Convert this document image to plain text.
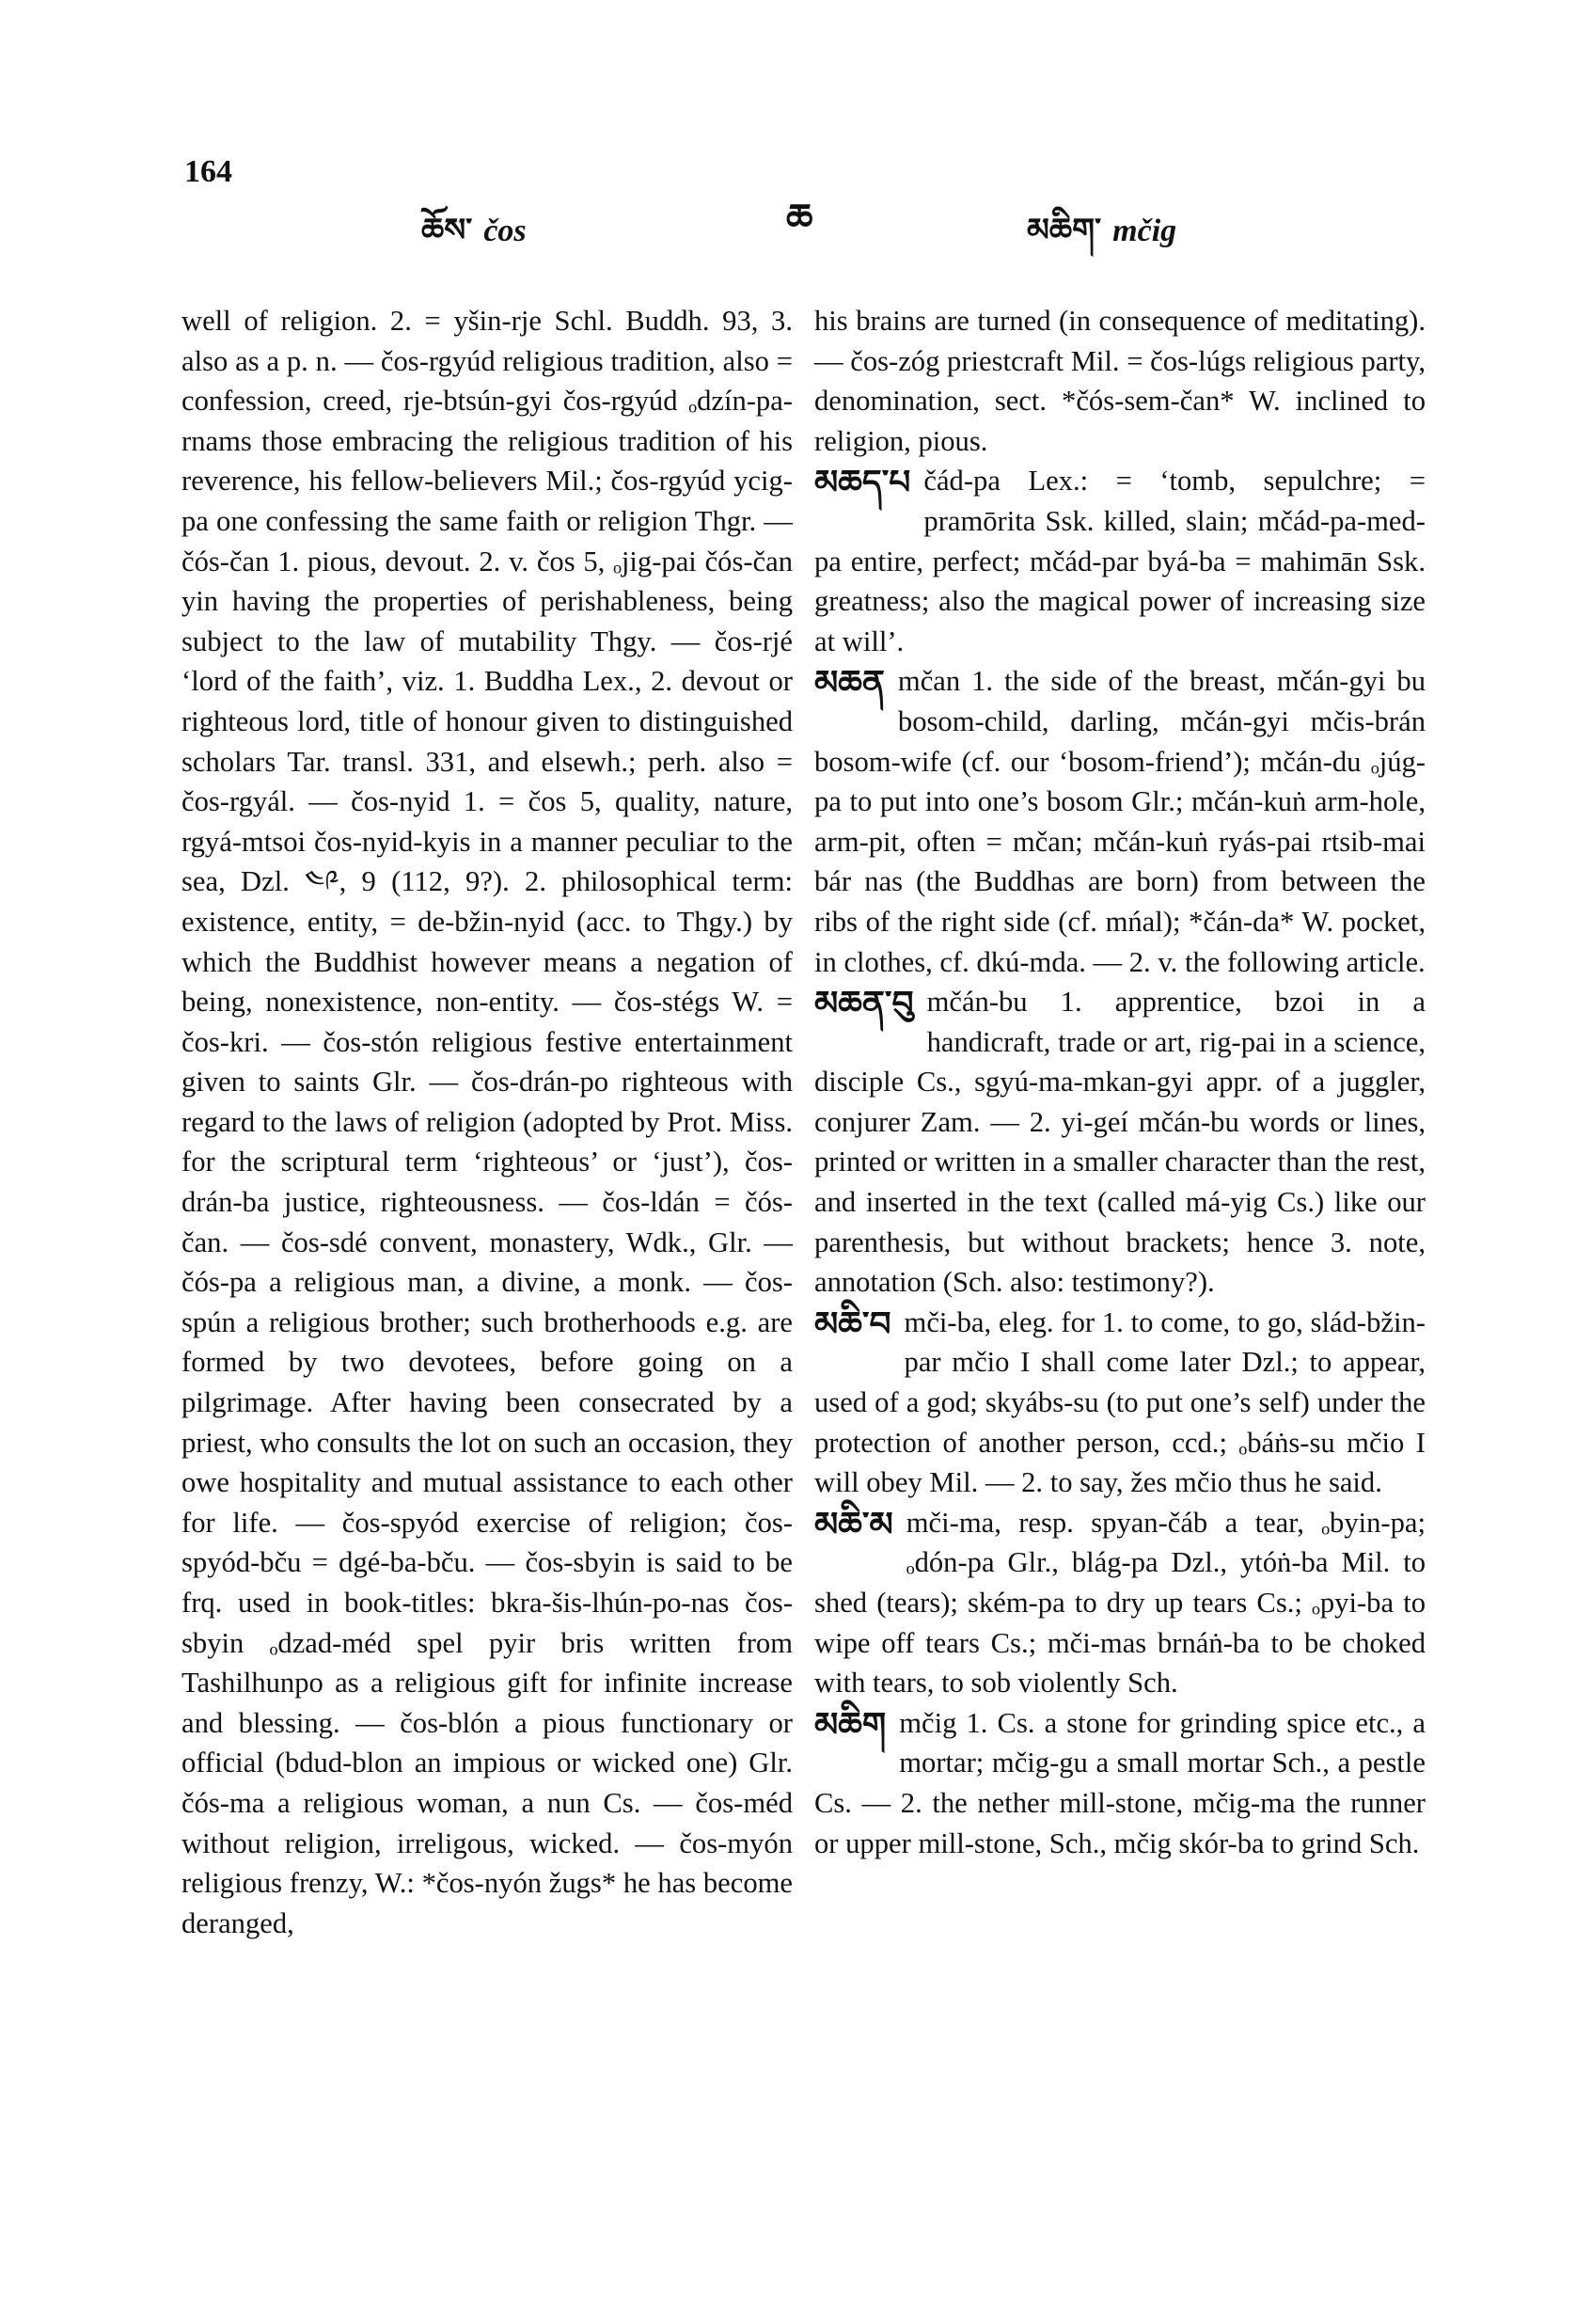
164
ཆོས་ čos	ཆ	མཆིག་ mčig

well of religion. 2. = yšin-rje Schl. Buddh. 93, 3. also as a p. n. — čos-rgyúd religious tradition, also = confession, creed, rje-btsún-gyi čos-rgyúd ₒdzín-pa-rnams those embracing the religious tradition of his reverence, his fellow-believers Mil.; čos-rgyúd ycig-pa one confessing the same faith or religion Thgr. — čós-čan 1. pious, devout. 2. v. čos 5, ₒjig-pai čós-čan yin having the properties of perishableness, being subject to the law of mutability Thgy. — čos-rjé ‘lord of the faith’, viz. 1. Buddha Lex., 2. devout or righteous lord, title of honour given to distinguished scholars Tar. transl. 331, and elsewh.; perh. also = čos-rgyál. — čos-nyid 1. = čos 5, quality, nature, rgyá-mtsoi čos-nyid-kyis in a manner peculiar to the sea, Dzl. ༤༩, 9 (112, 9?). 2. philosophical term: existence, entity, = de-bžin-nyid (acc. to Thgy.) by which the Buddhist however means a negation of being, nonexistence, non-entity. — čos-stégs W. = čos-kri. — čos-stón religious festive entertainment given to saints Glr. — čos-drán-po righteous with regard to the laws of religion (adopted by Prot. Miss. for the scriptural term ‘righteous’ or ‘just’), čos-drán-ba justice, righteousness. — čos-ldán = čós-čan. — čos-sdé convent, monastery, Wdk., Glr. — čós-pa a religious man, a divine, a monk. — čos-spún a religious brother; such brotherhoods e.g. are formed by two devotees, before going on a pilgrimage. After having been consecrated by a priest, who consults the lot on such an occasion, they owe hospitality and mutual assistance to each other for life. — čos-spyód exercise of religion; čos-spyód-bču = dgé-ba-bču. — čos-sbyin is said to be frq. used in book-titles: bkra-šis-lhún-po-nas čos-sbyin ₒdzad-méd spel pyir bris written from Tashilhunpo as a religious gift for infinite increase and blessing. — čos-blón a pious functionary or official (bdud-blon an impious or wicked one) Glr. čós-ma a religious woman, a nun Cs. — čos-méd without religion, irreligous, wicked. — čos-myón religious frenzy, W.: *čos-nyón žugs* he has become deranged,

his brains are turned (in consequence of meditating). — čos-zóg priestcraft Mil. = čos-lúgs religious party, denomination, sect. *čós-sem-čan* W. inclined to religion, pious.

མཆད་པ čád-pa Lex.: = ‘tomb, sepulchre; = pramōrita Ssk. killed, slain; mčád-pa-med-pa entire, perfect; mčád-par byá-ba = mahimān Ssk. greatness; also the magical power of increasing size at will’.
མཆན mčan 1. the side of the breast, mčán-gyi bu bosom-child, darling, mčán-gyi mčis-brán bosom-wife (cf. our ‘bosom-friend’); mčán-du ₒjúg-pa to put into one’s bosom Glr.; mčán-kuṅ arm-hole, arm-pit, often = mčan; mčán-kuṅ ryás-pai rtsib-mai bár nas (the Buddhas are born) from between the ribs of the right side (cf. mńal); *čán-da* W. pocket, in clothes, cf. dkú-mda. — 2. v. the following article.
མཆན་བུ mčán-bu 1. apprentice, bzoi in a handicraft, trade or art, rig-pai in a science, disciple Cs., sgyú-ma-mkan-gyi appr. of a juggler, conjurer Zam. — 2. yi-geí mčán-bu words or lines, printed or written in a smaller character than the rest, and inserted in the text (called má-yig Cs.) like our parenthesis, but without brackets; hence 3. note, annotation (Sch. also: testimony?).
མཆི་བ mči-ba, eleg. for 1. to come, to go, slád-bžin-par mčio I shall come later Dzl.; to appear, used of a god; skyábs-su (to put one’s self) under the protection of another person, ccd.; ₒbáṅs-su mčio I will obey Mil. — 2. to say, žes mčio thus he said.
མཆི་མ mči-ma, resp. spyan-čáb a tear, ₒbyin-pa; ₒdón-pa Glr., blág-pa Dzl., ytóṅ-ba Mil. to shed (tears); ském-pa to dry up tears Cs.; ₒpyi-ba to wipe off tears Cs.; mči-mas brnáṅ-ba to be choked with tears, to sob violently Sch.
མཆིག mčig 1. Cs. a stone for grinding spice etc., a mortar; mčig-gu a small mortar Sch., a pestle Cs. — 2. the nether mill-stone, mčig-ma the runner or upper mill-stone, Sch., mčig skór-ba to grind Sch.
